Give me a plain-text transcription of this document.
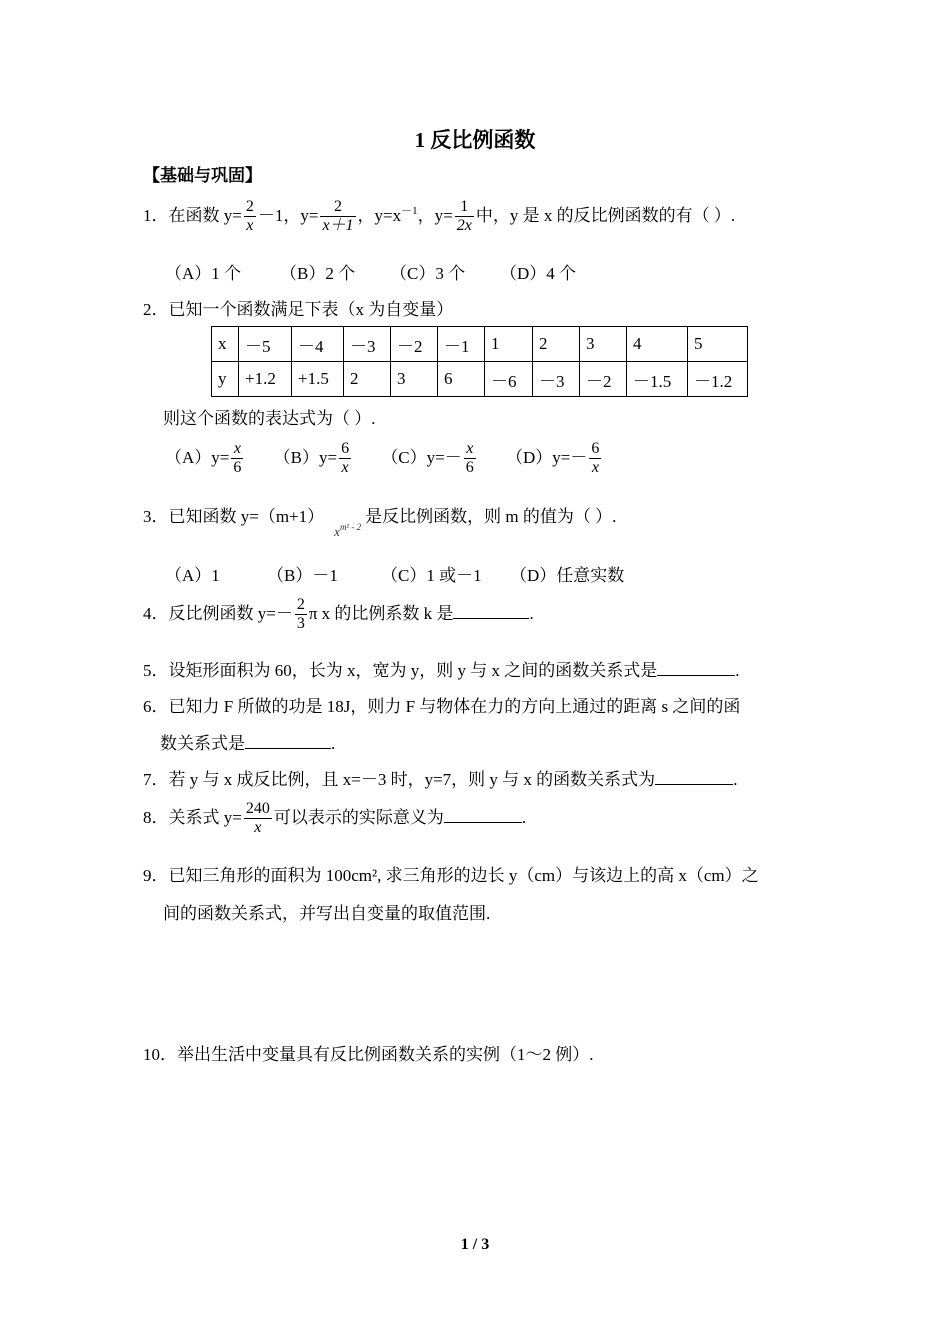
1 反比例函数
【基础与巩固】
1．在函数 $y= \frac{2}{x} -1$，$y= \frac{2}{x+1}$ ，$y=x^{-1}$，$y= \frac{1}{2x}$ 中，y 是 x 的反比例函数的有（ ）.
（A）1 个 （B）2 个 （C）3 个 （D）4 个
2．已知一个函数满足下表（x 为自变量）
x	－5	－4	－3	－2	－1	1	2	3	4	5
y	+1.2	+1.5	2	3	6	－6	－3	－2	－1.5	－1.2
则这个函数的表达式为（ ）.
$(A)y= \frac{x}{6} (B)y= \frac{6}{x} (C)y=- \frac{x}{6} (D)y=- \frac{6}{x}$
3．已知函数 $y=(m+1)x^{m^2 - 2}$是反比例函数，则 m 的值为（ ）.
（A）1	（B）－1	（C）1 或－1 （D）任意实数
4．反比例函数 $y=- \frac{2}{3}$ π x 的比例系数 k 是	.
5．设矩形面积为 60，长为 x，宽为 y，则 y 与 x 之间的函数关系式是	.
6．已知力 F 所做的功是 18J，则力 F 与物体在力的方向上通过的距离 s 之间的函
数关系式是	.
7．若 y 与 x 成反比例，且 x=－3 时，y=7，则 y 与 x 的函数关系式为	.
8．关系式 $y= \frac{240}{x}$ 可以表示的实际意义为	.
9．已知三角形的面积为 100cm², 求三角形的边长 y（cm）与该边上的高 x（cm）之
间的函数关系式，并写出自变量的取值范围.
10．举出生活中变量具有反比例函数关系的实例（1～2 例）.
1 / 3
